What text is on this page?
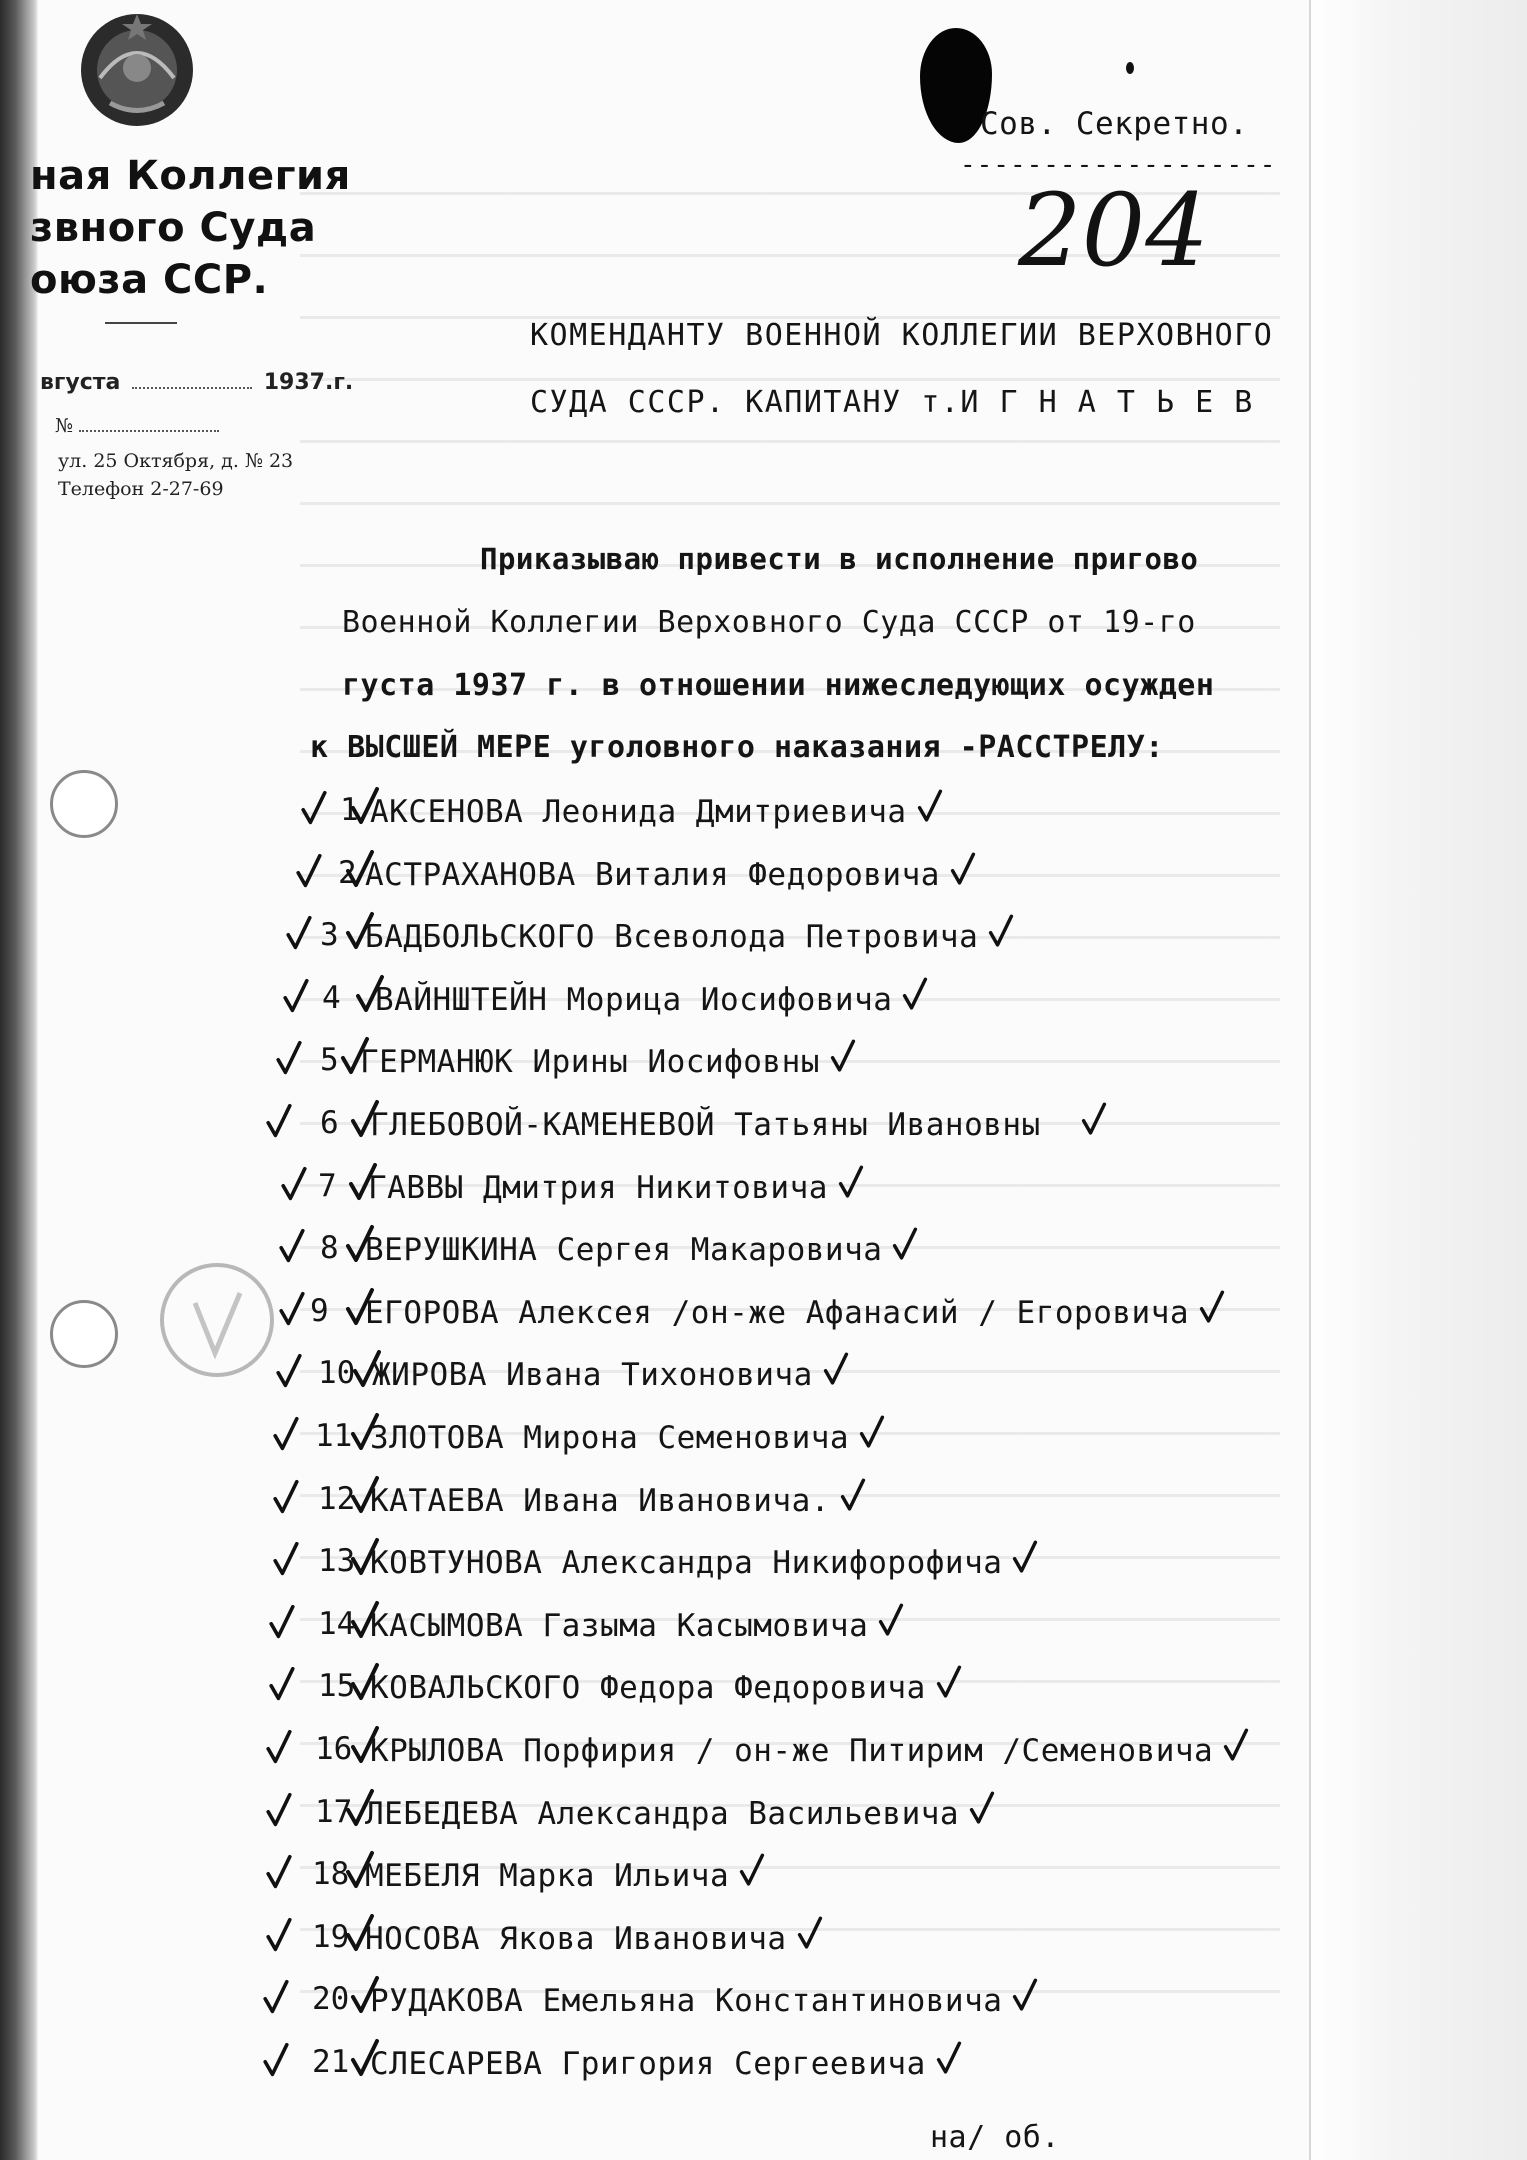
ная Коллегия
звного Суда
оюза ССР.
вгуста	1937.г.
№
ул. 25 Октября, д. № 23
Телефон 2-27-69
Сов. Секретно.
-------------------
204
КОМЕНДАНТУ ВОЕННОЙ КОЛЛЕГИИ ВЕРХОВНОГО
СУДА СССР. КАПИТАНУ т.И Г Н А Т Ь Е В
Приказываю привести в исполнение пригово
Военной Коллегии Верховного Суда СССР от 19-го
густа 1937 г. в отношении нижеследующих осужден
к ВЫСШЕЙ МЕРЕ уголовного наказания -РАССТРЕЛУ:
1 АКСЕНОВА Леонида Дмитриевича
2 АСТРАХАНОВА Виталия Федоровича
3 БАДБОЛЬСКОГО Всеволода Петровича
4 ВАЙНШТЕЙН Морица Иосифовича
5 ГЕРМАНЮК Ирины Иосифовны
6 ГЛЕБОВОЙ-КАМЕНЕВОЙ Татьяны Ивановны
7 ГАВВЫ Дмитрия Никитовича
8 ВЕРУШКИНА Сергея Макаровича
9 ЕГОРОВА Алексея /он-же Афанасий / Егоровича
10 ЖИРОВА Ивана Тихоновича
11 ЗЛОТОВА Мирона Семеновича
12 КАТАЕВА Ивана Ивановича.
13 КОВТУНОВА Александра Никифорофича
14 КАСЫМОВА Газыма Касымовича
15 КОВАЛЬСКОГО Федора Федоровича
16 КРЫЛОВА Порфирия / он-же Питирим /Семеновича
17 ЛЕБЕДЕВА Александра Васильевича
18 МЕБЕЛЯ Марка Ильича
19 НОСОВА Якова Ивановича
20 РУДАКОВА Емельяна Константиновича
21 СЛЕСАРЕВА Григория Сергеевича
на/ об.
